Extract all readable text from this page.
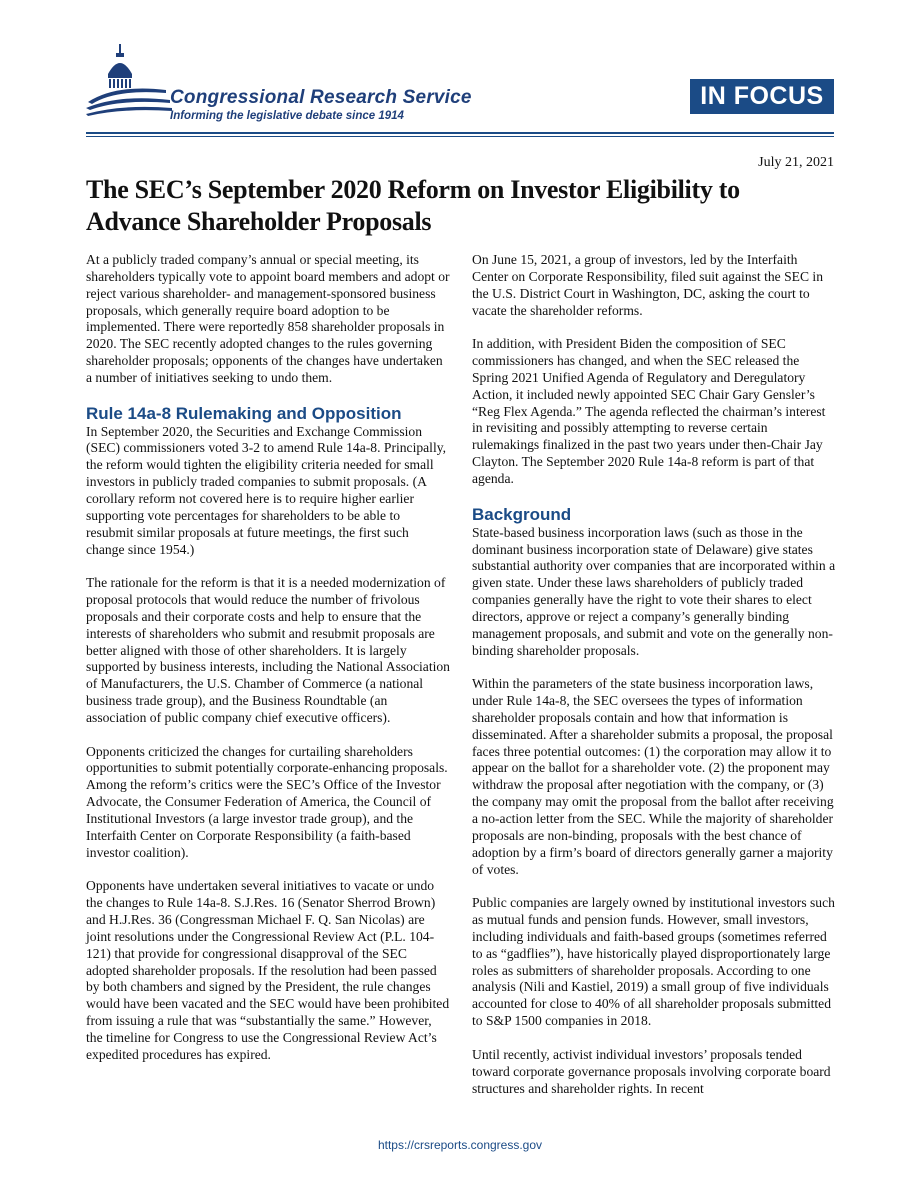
Congressional Research Service
Informing the legislative debate since 1914
IN FOCUS
July 21, 2021
The SEC’s September 2020 Reform on Investor Eligibility to Advance Shareholder Proposals

At a publicly traded company’s annual or special meeting, its shareholders typically vote to appoint board members and adopt or reject various shareholder- and management-sponsored business proposals, which generally require board adoption to be implemented. There were reportedly 858 shareholder proposals in 2020. The SEC recently adopted changes to the rules governing shareholder proposals; opponents of the changes have undertaken a number of initiatives seeking to undo them.

Rule 14a-8 Rulemaking and Opposition

In September 2020, the Securities and Exchange Commission (SEC) commissioners voted 3-2 to amend Rule 14a-8. Principally, the reform would tighten the eligibility criteria needed for small investors in publicly traded companies to submit proposals. (A corollary reform not covered here is to require higher earlier supporting vote percentages for shareholders to be able to resubmit similar proposals at future meetings, the first such change since 1954.)

The rationale for the reform is that it is a needed modernization of proposal protocols that would reduce the number of frivolous proposals and their corporate costs and help to ensure that the interests of shareholders who submit and resubmit proposals are better aligned with those of other shareholders. It is largely supported by business interests, including the National Association of Manufacturers, the U.S. Chamber of Commerce (a national business trade group), and the Business Roundtable (an association of public company chief executive officers).

Opponents criticized the changes for curtailing shareholders opportunities to submit potentially corporate-enhancing proposals. Among the reform’s critics were the SEC’s Office of the Investor Advocate, the Consumer Federation of America, the Council of Institutional Investors (a large investor trade group), and the Interfaith Center on Corporate Responsibility (a faith-based investor coalition).

Opponents have undertaken several initiatives to vacate or undo the changes to Rule 14a-8. S.J.Res. 16 (Senator Sherrod Brown) and H.J.Res. 36 (Congressman Michael F. Q. San Nicolas) are joint resolutions under the Congressional Review Act (P.L. 104-121) that provide for congressional disapproval of the SEC adopted shareholder proposals. If the resolution had been passed by both chambers and signed by the President, the rule changes would have been vacated and the SEC would have been prohibited from issuing a rule that was “substantially the same.” However, the timeline for Congress to use the Congressional Review Act’s expedited procedures has expired.

On June 15, 2021, a group of investors, led by the Interfaith Center on Corporate Responsibility, filed suit against the SEC in the U.S. District Court in Washington, DC, asking the court to vacate the shareholder reforms.

In addition, with President Biden the composition of SEC commissioners has changed, and when the SEC released the Spring 2021 Unified Agenda of Regulatory and Deregulatory Action, it included newly appointed SEC Chair Gary Gensler’s “Reg Flex Agenda.” The agenda reflected the chairman’s interest in revisiting and possibly attempting to reverse certain rulemakings finalized in the past two years under then-Chair Jay Clayton. The September 2020 Rule 14a-8 reform is part of that agenda.

Background

State-based business incorporation laws (such as those in the dominant business incorporation state of Delaware) give states substantial authority over companies that are incorporated within a given state. Under these laws shareholders of publicly traded companies generally have the right to vote their shares to elect directors, approve or reject a company’s generally binding management proposals, and submit and vote on the generally non-binding shareholder proposals.

Within the parameters of the state business incorporation laws, under Rule 14a-8, the SEC oversees the types of information shareholder proposals contain and how that information is disseminated. After a shareholder submits a proposal, the proposal faces three potential outcomes: (1) the corporation may allow it to appear on the ballot for a shareholder vote. (2) the proponent may withdraw the proposal after negotiation with the company, or (3) the company may omit the proposal from the ballot after receiving a no-action letter from the SEC. While the majority of shareholder proposals are non-binding, proposals with the best chance of adoption by a firm’s board of directors generally garner a majority of votes.

Public companies are largely owned by institutional investors such as mutual funds and pension funds. However, small investors, including individuals and faith-based groups (sometimes referred to as “gadflies”), have historically played disproportionately large roles as submitters of shareholder proposals. According to one analysis (Nili and Kastiel, 2019) a small group of five individuals accounted for close to 40% of all shareholder proposals submitted to S&P 1500 companies in 2018.

Until recently, activist individual investors’ proposals tended toward corporate governance proposals involving corporate board structures and shareholder rights. In recent

https://crsreports.congress.gov
